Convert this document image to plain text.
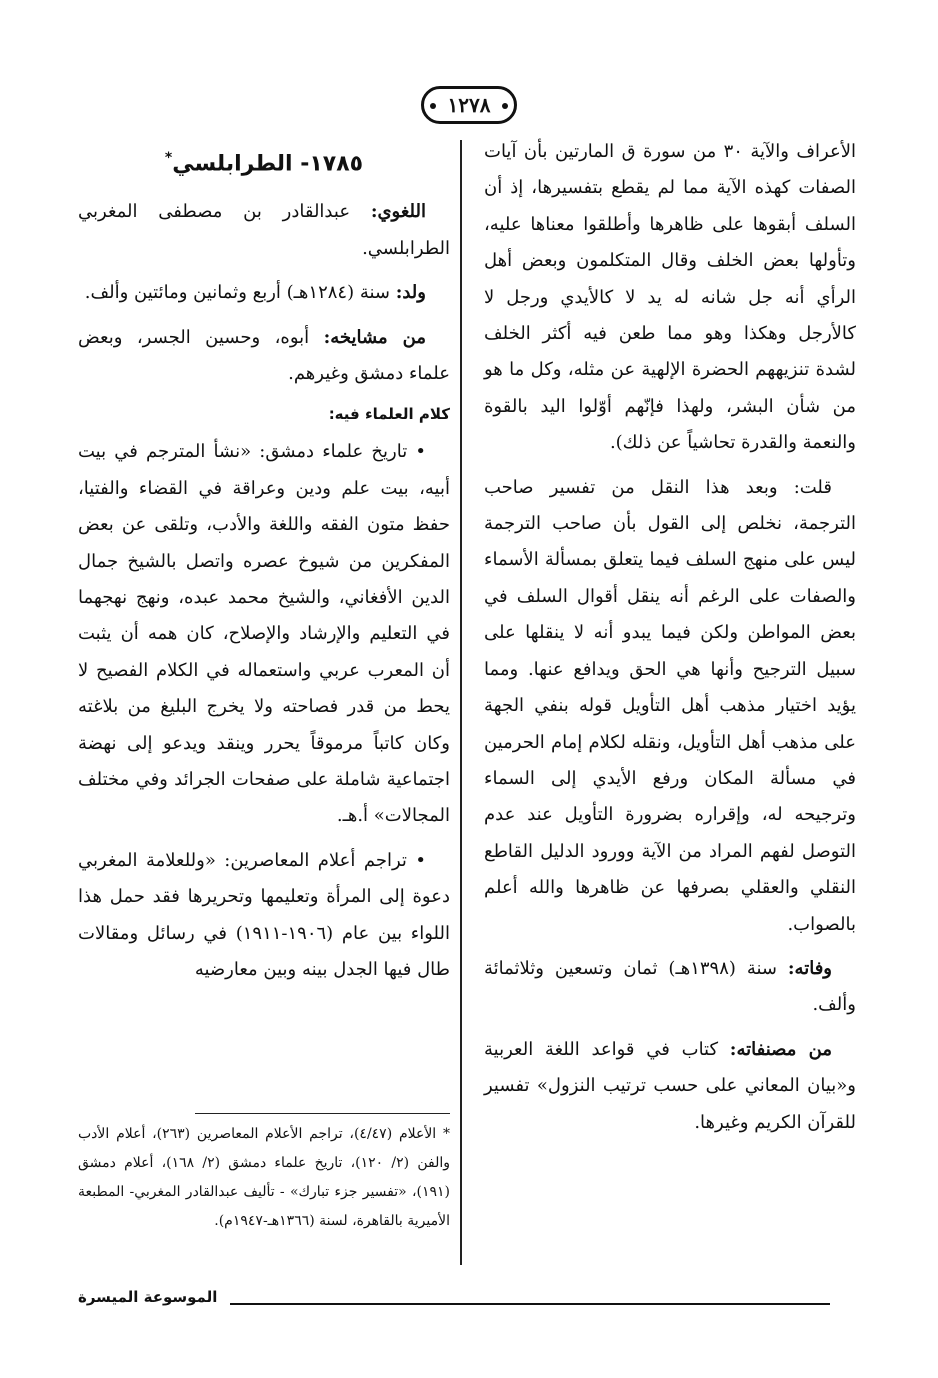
١٢٧٨

الأعراف والآية ٣٠ من سورة ق المارتين بأن آيات الصفات كهذه الآية مما لم يقطع بتفسيرها، إذ أن السلف أبقوها على ظاهرها وأطلقوا معناها عليه، وتأولها بعض الخلف وقال المتكلمون وبعض أهل الرأي أنه جل شانه له يد لا كالأيدي ورجل لا كالأرجل وهكذا وهو مما طعن فيه أكثر الخلف لشدة تنزيههم الحضرة الإلهية عن مثله، وكل ما هو من شأن البشر، ولهذا فإنّهم أوّلوا اليد بالقوة والنعمة والقدرة تحاشياً عن ذلك).

قلت: وبعد هذا النقل من تفسير صاحب الترجمة، نخلص إلى القول بأن صاحب الترجمة ليس على منهج السلف فيما يتعلق بمسألة الأسماء والصفات على الرغم أنه ينقل أقوال السلف في بعض المواطن ولكن فيما يبدو أنه لا ينقلها على سبيل الترجيح وأنها هي الحق ويدافع عنها. ومما يؤيد اختيار مذهب أهل التأويل قوله بنفي الجهة على مذهب أهل التأويل، ونقله لكلام إمام الحرمين في مسألة المكان ورفع الأيدي إلى السماء وترجيحه له، وإقراره بضرورة التأويل عند عدم التوصل لفهم المراد من الآية وورود الدليل القاطع النقلي والعقلي بصرفها عن ظاهرها والله أعلم بالصواب.

وفاته: سنة (١٣٩٨هـ) ثمان وتسعين وثلاثمائة وألف.

من مصنفاته: كتاب في قواعد اللغة العربية و«بيان المعاني على حسب ترتيب النزول» تفسير للقرآن الكريم وغيرها.

١٧٨٥- الطرابلسي*

اللغوي: عبدالقادر بن مصطفى المغربي الطرابلسي.

ولد: سنة (١٢٨٤هـ) أربع وثمانين ومائتين وألف.

من مشايخه: أبوه، وحسين الجسر، وبعض علماء دمشق وغيرهم.

كلام العلماء فيه:

• تاريخ علماء دمشق: «نشأ المترجم في بيت أبيه، بيت علم ودين وعراقة في القضاء والفتيا، حفظ متون الفقه واللغة والأدب، وتلقى عن بعض المفكرين من شيوخ عصره واتصل بالشيخ جمال الدين الأفغاني، والشيخ محمد عبده، ونهج نهجهما في التعليم والإرشاد والإصلاح، كان همه أن يثبت أن المعرب عربي واستعماله في الكلام الفصيح لا يحط من قدر فصاحته ولا يخرج البليغ من بلاغته وكان كاتباً مرموقاً يحرر وينقد ويدعو إلى نهضة اجتماعية شاملة على صفحات الجرائد وفي مختلف المجالات» أ.هـ.

• تراجم أعلام المعاصرين: «وللعلامة المغربي دعوة إلى المرأة وتعليمها وتحريرها فقد حمل هذا اللواء بين عام (١٩٠٦-١٩١١) في رسائل ومقالات طال فيها الجدل بينه وبين معارضيه

* الأعلام (٤/٤٧)، تراجم الأعلام المعاصرين (٢٦٣)، أعلام الأدب والفن (٢/ ١٢٠)، تاريخ علماء دمشق (٢/ ١٦٨)، أعلام دمشق (١٩١)، «تفسير جزء تبارك» - تأليف عبدالقادر المغربي- المطبعة الأميرية بالقاهرة، لسنة (١٣٦٦هـ-١٩٤٧م).
الموسوعة الميسرة
